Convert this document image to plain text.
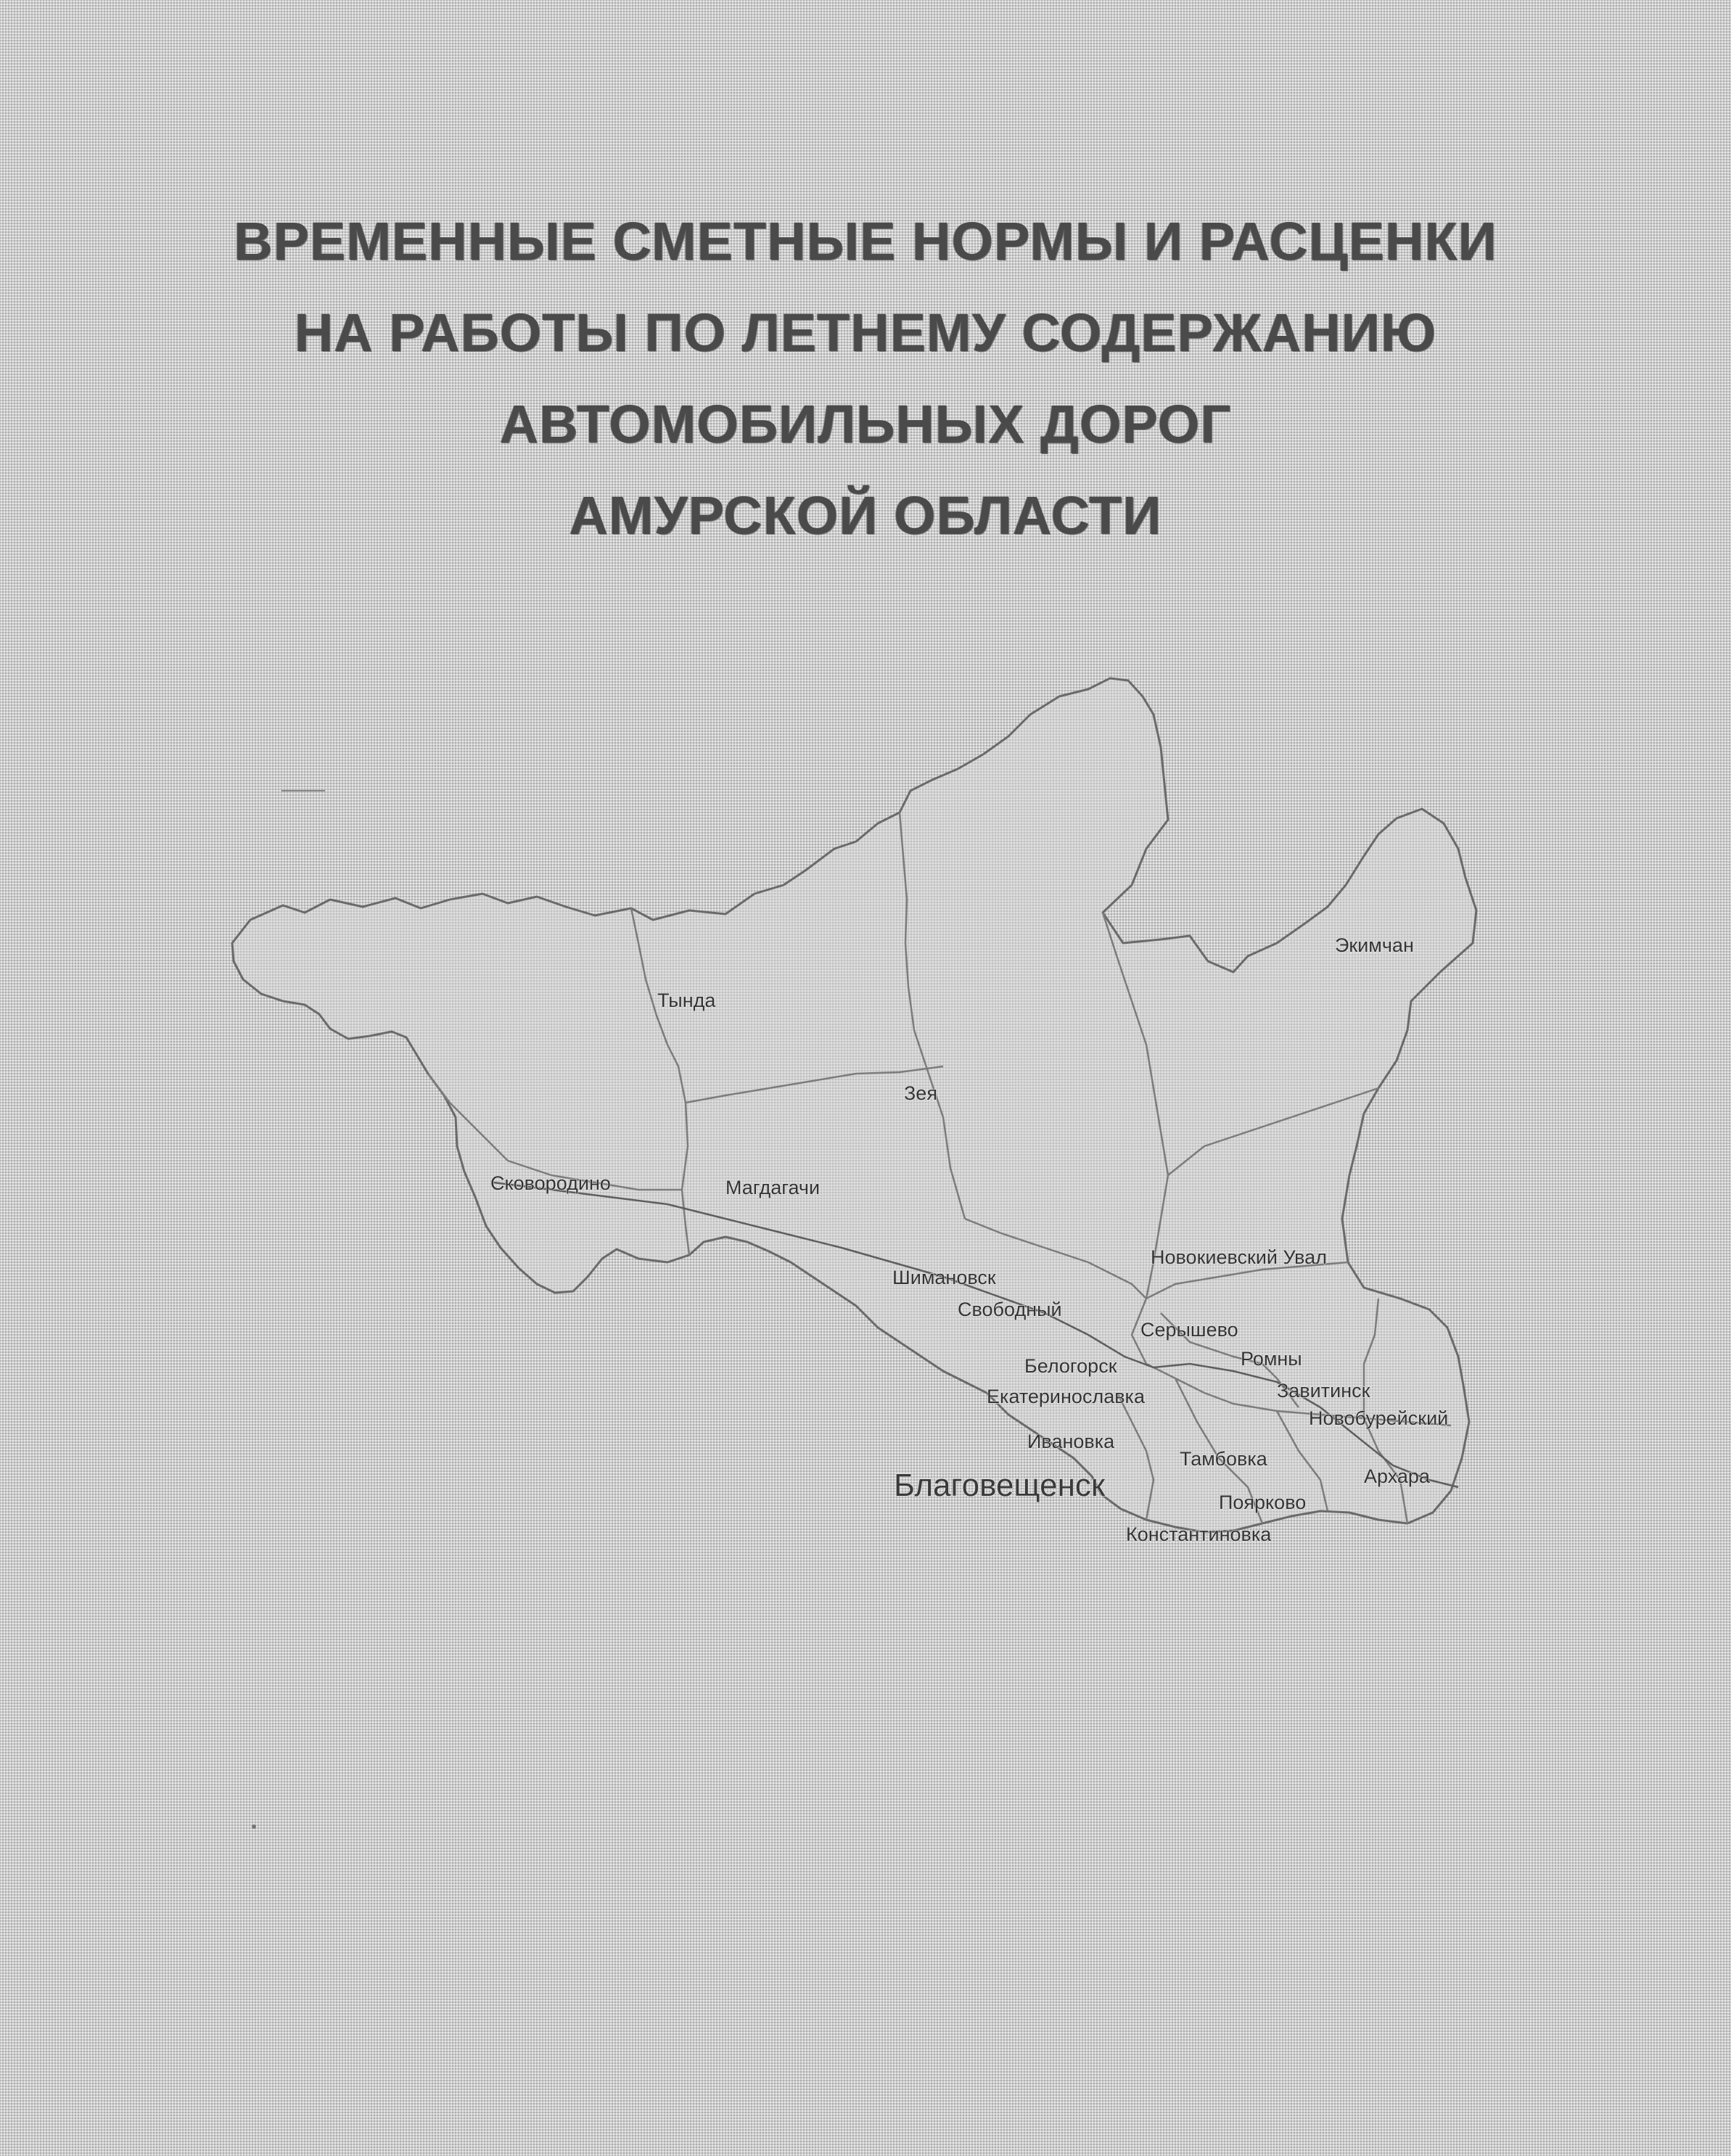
ВРЕМЕННЫЕ СМЕТНЫЕ НОРМЫ И РАСЦЕНКИ
НА РАБОТЫ ПО ЛЕТНЕМУ СОДЕРЖАНИЮ
АВТОМОБИЛЬНЫХ ДОРОГ
АМУРСКОЙ ОБЛАСТИ
Экимчан
Тында
Зея
Сковородино	Магдагачи
Новокиевский Увал
Шимановск
Свободный
Серышево
Белогорск	Ромны
Завитинск
Екатеринославка
Новобурейский
Ивановка
Тамбовка
Благовещенск	Архара
Поярково
Константиновка
